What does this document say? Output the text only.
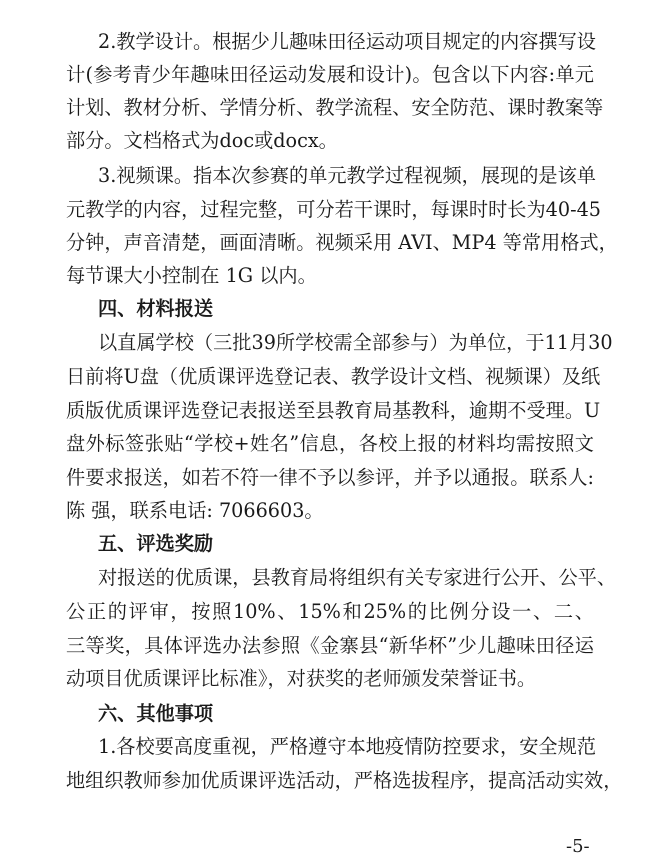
2.教学设计。根据少儿趣味田径运动项目规定的内容撰写设
计(参考青少年趣味田径运动发展和设计)。包含以下内容:单元
计划、教材分析、学情分析、教学流程、安全防范、课时教案等
部分。文档格式为doc或docx。
3.视频课。指本次参赛的单元教学过程视频，展现的是该单
元教学的内容，过程完整，可分若干课时，每课时时长为40-45
分钟，声音清楚，画面清晰。视频采用 AVI、MP4 等常用格式，
每节课大小控制在 1G 以内。
四、材料报送
以直属学校（三批39所学校需全部参与）为单位，于11月30
日前将U盘（优质课评选登记表、教学设计文档、视频课）及纸
质版优质课评选登记表报送至县教育局基教科，逾期不受理。U
盘外标签张贴“学校+姓名”信息，各校上报的材料均需按照文
件要求报送，如若不符一律不予以参评，并予以通报。联系人:
陈 强，联系电话: 7066603。
五、评选奖励
对报送的优质课，县教育局将组织有关专家进行公开、公平、
公正的评审，按照10%、15%和25%的比例分设一、二、
三等奖，具体评选办法参照《金寨县“新华杯”少儿趣味田径运
动项目优质课评比标准》，对获奖的老师颁发荣誉证书。
六、其他事项
1.各校要高度重视，严格遵守本地疫情防控要求，安全规范
地组织教师参加优质课评选活动，严格选拔程序，提高活动实效，
-5-
